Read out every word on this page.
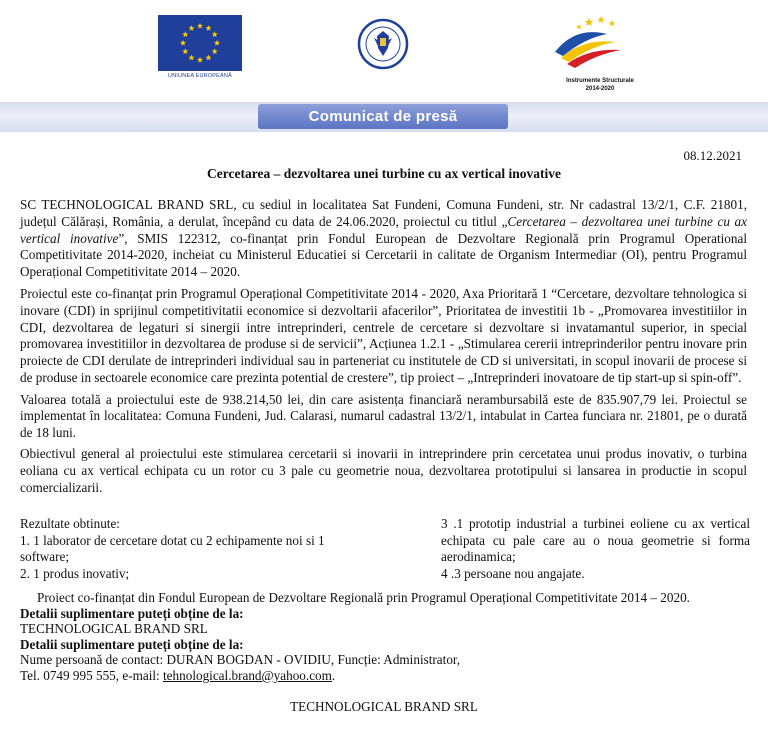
UNIUNEA EUROPEANĂ
Instrumente Structurale
2014-2020
Comunicat de presă
08.12.2021
Cercetarea – dezvoltarea unei turbine cu ax vertical inovative

SC TECHNOLOGICAL BRAND SRL, cu sediul in localitatea Sat Fundeni, Comuna Fundeni, str. Nr cadastral 13/2/1, C.F. 21801, județul Călărași, România, a derulat, începând cu data de 24.06.2020, proiectul cu titlul „Cercetarea – dezvoltarea unei turbine cu ax vertical inovative”, SMIS 122312, co-finanțat prin Fondul European de Dezvoltare Regională prin Programul Operational Competitivitate 2014-2020, incheiat cu Ministerul Educatiei si Cercetarii in calitate de Organism Intermediar (OI), pentru Programul Operațional Competitivitate 2014 – 2020.

Proiectul este co-finanțat prin Programul Operațional Competitivitate 2014 - 2020, Axa Prioritară 1 “Cercetare, dezvoltare tehnologica si inovare (CDI) in sprijinul competitivitatii economice si dezvoltarii afacerilor”, Prioritatea de investitii 1b - „Promovarea investitiilor in CDI, dezvoltarea de legaturi si sinergii intre intreprinderi, centrele de cercetare si dezvoltare si invatamantul superior, in special promovarea investitiilor in dezvoltarea de produse si de servicii”, Acțiunea 1.2.1 - „Stimularea cererii intreprinderilor pentru inovare prin proiecte de CDI derulate de intreprinderi individual sau in parteneriat cu institutele de CD si universitati, in scopul inovarii de procese si de produse in sectoarele economice care prezinta potential de crestere”, tip proiect – „Intreprinderi inovatoare de tip start-up si spin-off”.

Valoarea totală a proiectului este de 938.214,50 lei, din care asistența financiară nerambursabilă este de 835.907,79 lei. Proiectul se implementat în localitatea: Comuna Fundeni, Jud. Calarasi, numarul cadastral 13/2/1, intabulat in Cartea funciara nr. 21801, pe o durată de 18 luni.

Obiectivul general al proiectului este stimularea cercetarii si inovarii in intreprindere prin cercetatea unui produs inovativ, o turbina eoliana cu ax vertical echipata cu un rotor cu 3 pale cu geometrie noua, dezvoltarea prototipului si lansarea in productie in scopul comercializarii.

Rezultate obtinute:
1. 1 laborator de cercetare dotat cu 2 echipamente noi si 1 software;
2. 1 produs inovativ;
3 .1 prototip industrial a turbinei eoliene cu ax vertical echipata cu pale care au o noua geometrie si forma aerodinamica;
4 .3 persoane nou angajate.
Proiect co-finanțat din Fondul European de Dezvoltare Regională prin Programul Operațional Competitivitate 2014 – 2020.
Detalii suplimentare puteți obține de la:
TECHNOLOGICAL BRAND SRL
Detalii suplimentare puteți obține de la:
Nume persoană de contact: DURAN BOGDAN - OVIDIU, Funcție: Administrator,
Tel. 0749 995 555, e-mail: tehnological.brand@yahoo.com.
TECHNOLOGICAL BRAND SRL
